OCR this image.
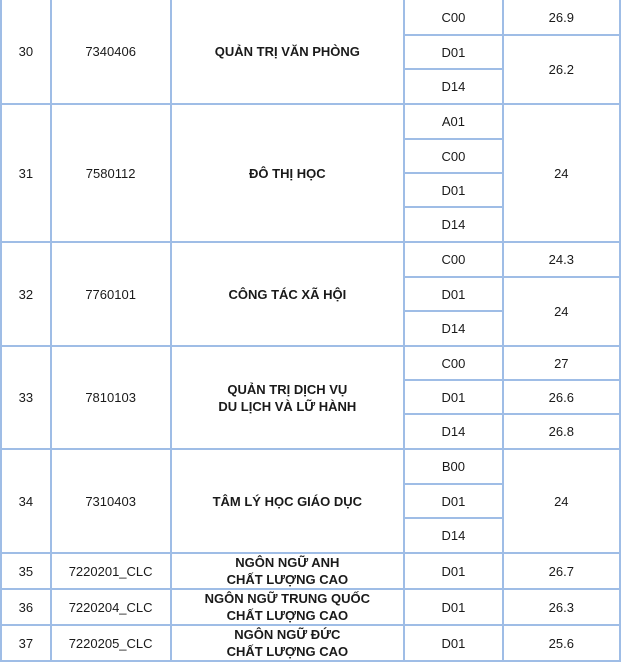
30	7340406	QUẢN TRỊ VĂN PHÒNG	C00	26.9
			D01	26.2
			D14	
31	7580112	ĐÔ THỊ HỌC	A01	24
			C00	
			D01	
			D14	
32	7760101	CÔNG TÁC XÃ HỘI	C00	24.3
			D01	24
			D14	
33	7810103	QUẢN TRỊ DỊCH VỤ
DU LỊCH VÀ LỮ HÀNH	C00	27
			D01	26.6
			D14	26.8
34	7310403	TÂM LÝ HỌC GIÁO DỤC	B00	24
			D01	
			D14	
35	7220201_CLC	NGÔN NGỮ ANH
CHẤT LƯỢNG CAO	D01	26.7
36	7220204_CLC	NGÔN NGỮ TRUNG QUỐC
CHẤT LƯỢNG CAO	D01	26.3
37	7220205_CLC	NGÔN NGỮ ĐỨC
CHẤT LƯỢNG CAO	D01	25.6
